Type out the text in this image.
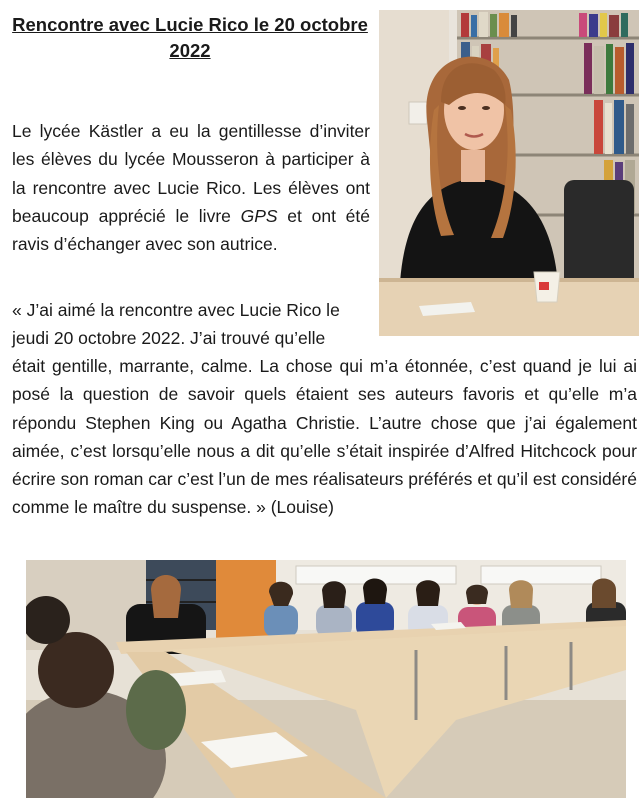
Rencontre avec Lucie Rico le 20 octobre
2022
Le lycée Kästler a eu la gentillesse d’inviter les élèves du lycée Mousseron à participer à la rencontre avec Lucie Rico. Les élèves ont beaucoup apprécié le livre GPS et ont été ravis d’échanger avec son autrice.
« J’ai aimé la rencontre avec Lucie Rico le
jeudi 20 octobre 2022. J’ai trouvé qu’elle
était gentille, marrante, calme. La chose qui m’a étonnée, c’est quand je lui ai posé la question de savoir quels étaient ses auteurs favoris et qu’elle m’a répondu Stephen King ou Agatha Christie. L’autre chose que j’ai également aimée, c’est lorsqu’elle nous a dit qu’elle s’était inspirée d’Alfred Hitchcock pour écrire son roman car c’est l’un de mes réalisateurs préférés et qu’il est considéré comme le maître du suspense. » (Louise)
